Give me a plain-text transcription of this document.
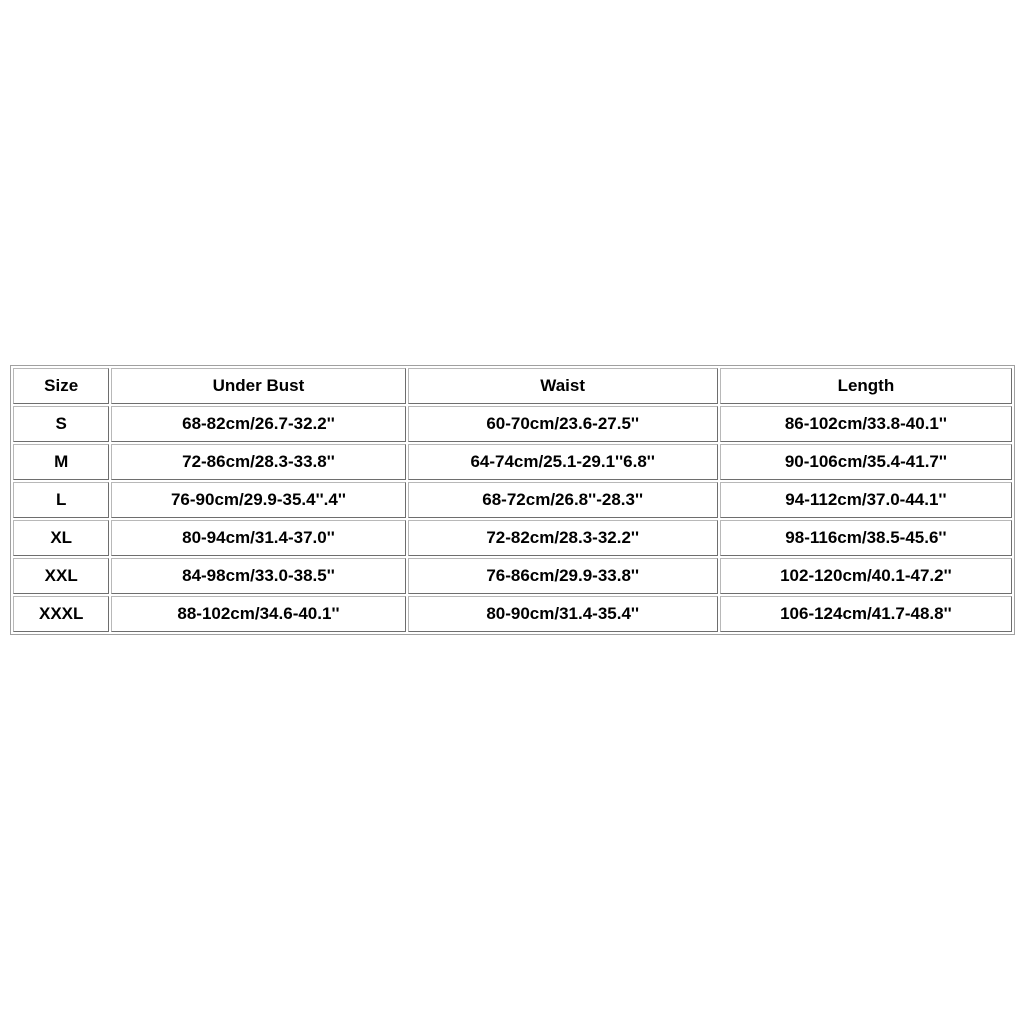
Size	Under Bust	Waist	Length
S	68-82cm/26.7-32.2''	60-70cm/23.6-27.5''	86-102cm/33.8-40.1''
M	72-86cm/28.3-33.8''	64-74cm/25.1-29.1''6.8''	90-106cm/35.4-41.7''
L	76-90cm/29.9-35.4''.4''	68-72cm/26.8''-28.3''	94-112cm/37.0-44.1''
XL	80-94cm/31.4-37.0''	72-82cm/28.3-32.2''	98-116cm/38.5-45.6''
XXL	84-98cm/33.0-38.5''	76-86cm/29.9-33.8''	102-120cm/40.1-47.2''
XXXL	88-102cm/34.6-40.1''	80-90cm/31.4-35.4''	106-124cm/41.7-48.8''
